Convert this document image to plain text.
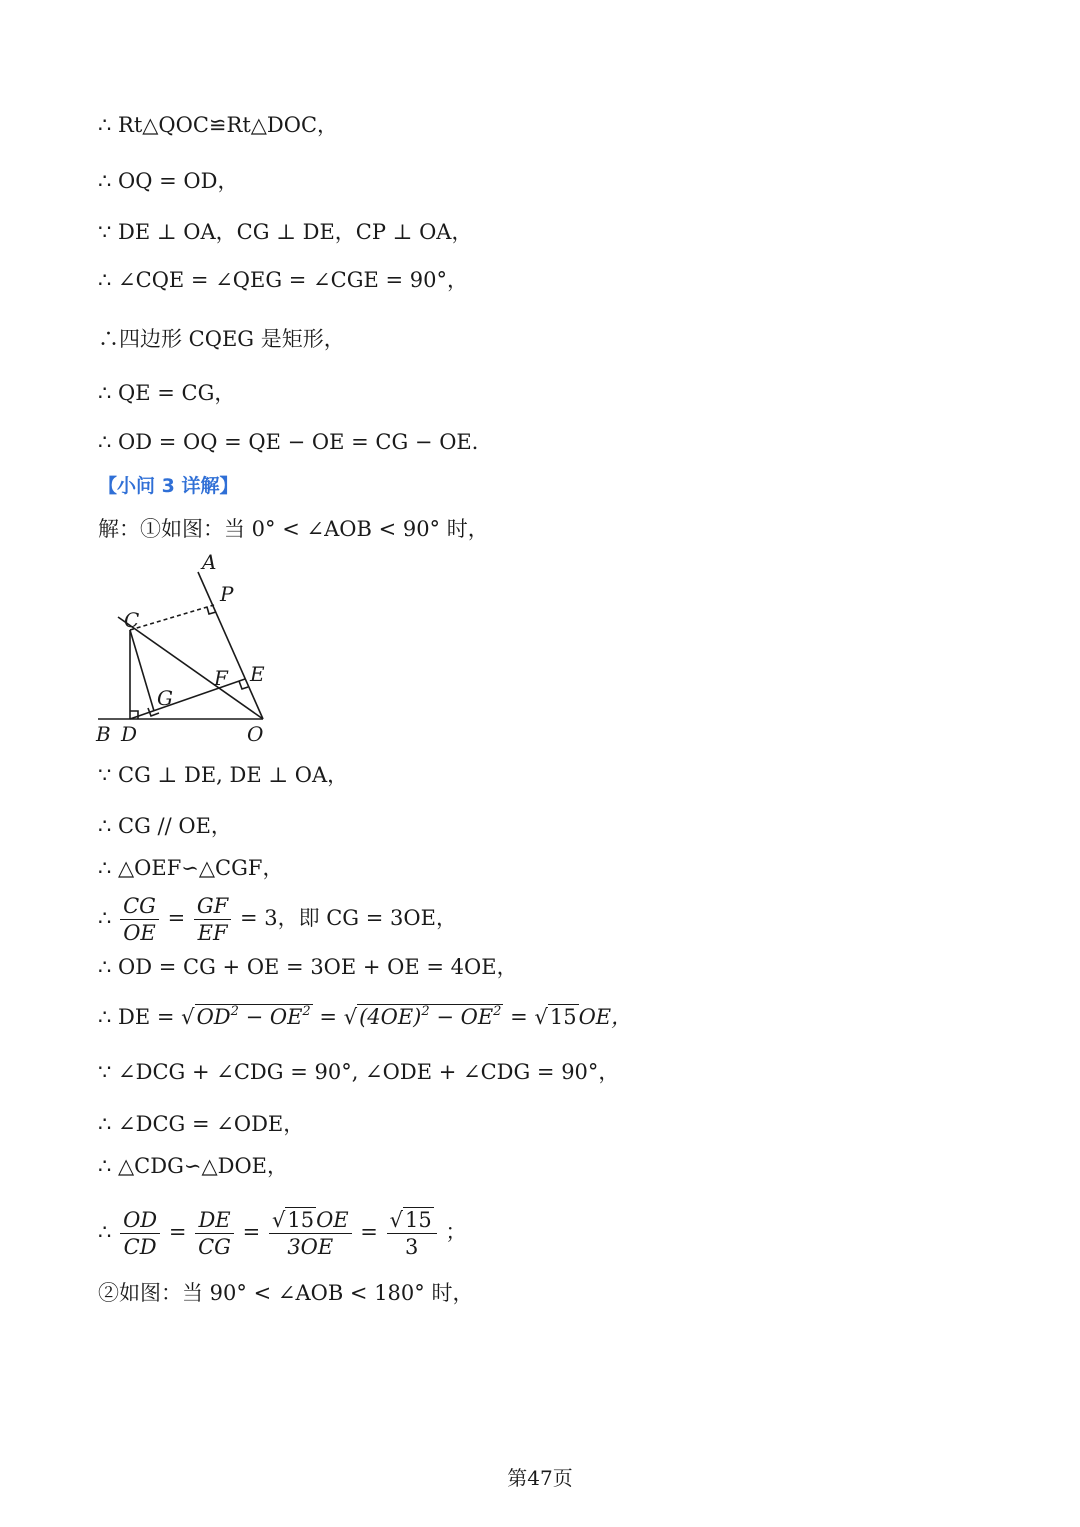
∴ Rt△QOC≌Rt△DOC，
∴ OQ = OD，
∵ DE ⊥ OA，CG ⊥ DE，CP ⊥ OA，
∴ ∠CQE = ∠QEG = ∠CGE = 90°，
∴四边形 CQEG 是矩形，
∴ QE = CG，
∴ OD = OQ = QE − OE = CG − OE．
【小问 3 详解】
解：①如图：当 0° < ∠AOB < 90° 时，
A
P
C
F E
G
B D	O
∵ CG ⊥ DE, DE ⊥ OA，
∴ CG // OE，
∴ △OEF∽△CGF，
∴ $\frac{CG}{OE} = \frac{GF}{EF} = 3$，即 CG = 3OE，
∴ OD = CG + OE = 3OE + OE = 4OE，
∴ DE = $√OD^2 - OE^2 = √(4OE)^2 - OE^2 = √15OE$，
∵ ∠DCG + ∠CDG = 90°, ∠ODE + ∠CDG = 90°，
∴ ∠DCG = ∠ODE，
∴ △CDG∽△DOE，
∴ $\frac{OD}{CD} = \frac{DE}{CG} = \frac{√15OE}{3OE} = \frac{√15}{3}$ ；
②如图：当 90° < ∠AOB < 180° 时，
第47页
